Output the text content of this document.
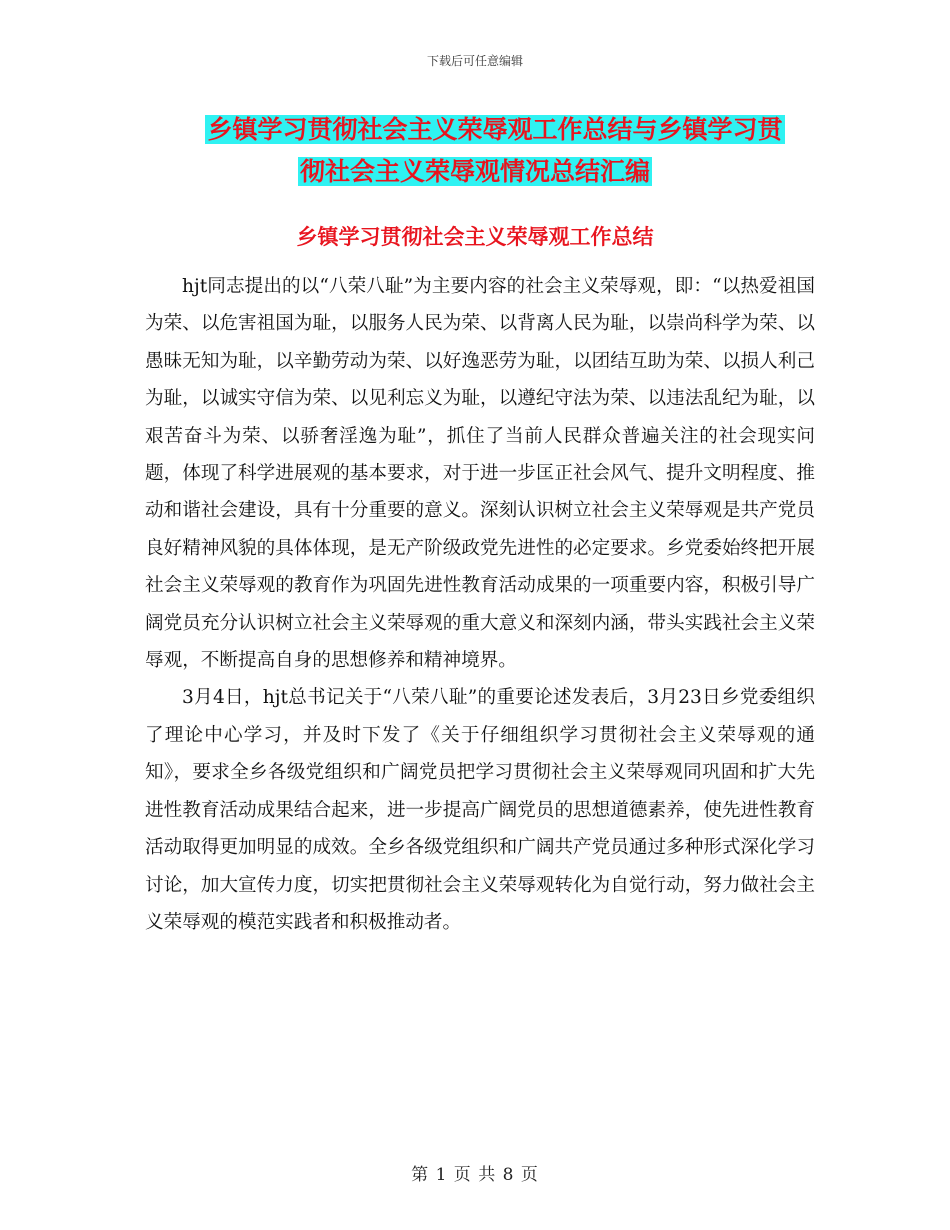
下载后可任意编辑
乡镇学习贯彻社会主义荣辱观工作总结与乡镇学习贯
彻社会主义荣辱观情况总结汇编
乡镇学习贯彻社会主义荣辱观工作总结

hjt同志提出的以“八荣八耻”为主要内容的社会主义荣辱观，即：“以热爱祖国为荣、以危害祖国为耻，以服务人民为荣、以背离人民为耻，以崇尚科学为荣、以愚昧无知为耻，以辛勤劳动为荣、以好逸恶劳为耻，以团结互助为荣、以损人利己为耻，以诚实守信为荣、以见利忘义为耻，以遵纪守法为荣、以违法乱纪为耻，以艰苦奋斗为荣、以骄奢淫逸为耻”，抓住了当前人民群众普遍关注的社会现实问题，体现了科学进展观的基本要求，对于进一步匡正社会风气、提升文明程度、推动和谐社会建设，具有十分重要的意义。深刻认识树立社会主义荣辱观是共产党员良好精神风貌的具体体现，是无产阶级政党先进性的必定要求。乡党委始终把开展社会主义荣辱观的教育作为巩固先进性教育活动成果的一项重要内容，积极引导广阔党员充分认识树立社会主义荣辱观的重大意义和深刻内涵，带头实践社会主义荣辱观，不断提高自身的思想修养和精神境界。

3月4日，hjt总书记关于“八荣八耻”的重要论述发表后，3月23日乡党委组织了理论中心学习，并及时下发了《关于仔细组织学习贯彻社会主义荣辱观的通知》，要求全乡各级党组织和广阔党员把学习贯彻社会主义荣辱观同巩固和扩大先进性教育活动成果结合起来，进一步提高广阔党员的思想道德素养，使先进性教育活动取得更加明显的成效。全乡各级党组织和广阔共产党员通过多种形式深化学习讨论，加大宣传力度，切实把贯彻社会主义荣辱观转化为自觉行动，努力做社会主义荣辱观的模范实践者和积极推动者。

第 1 页 共 8 页
